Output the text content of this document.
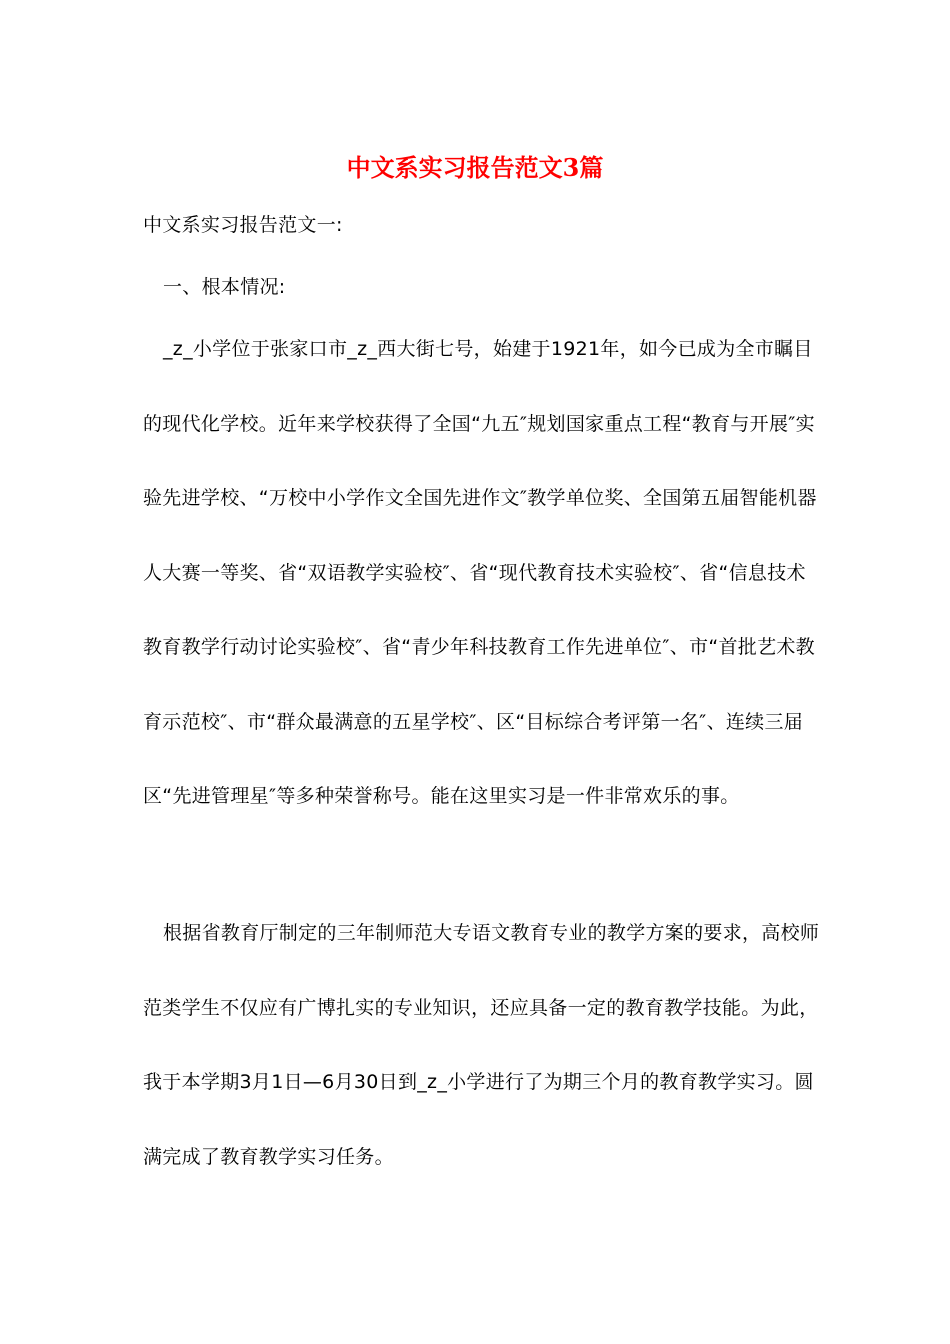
中文系实习报告范文3篇

中文系实习报告范文一:

一、根本情况:

_z_小学位于张家口市_z_西大街七号，始建于1921年，如今已成为全市瞩目的现代化学校。近年来学校获得了全国“九五″规划国家重点工程“教育与开展″实验先进学校、“万校中小学作文全国先进作文″教学单位奖、全国第五届智能机器人大赛一等奖、省“双语教学实验校″、省“现代教育技术实验校″、省“信息技术教育教学行动讨论实验校″、省“青少年科技教育工作先进单位″、市“首批艺术教育示范校″、市“群众最满意的五星学校″、区“目标综合考评第一名″、连续三届区“先进管理星″等多种荣誉称号。能在这里实习是一件非常欢乐的事。

根据省教育厅制定的三年制师范大专语文教育专业的教学方案的要求，高校师范类学生不仅应有广博扎实的专业知识，还应具备一定的教育教学技能。为此，我于本学期3月1日—6月30日到_z_小学进行了为期三个月的教育教学实习。圆满完成了教育教学实习任务。
